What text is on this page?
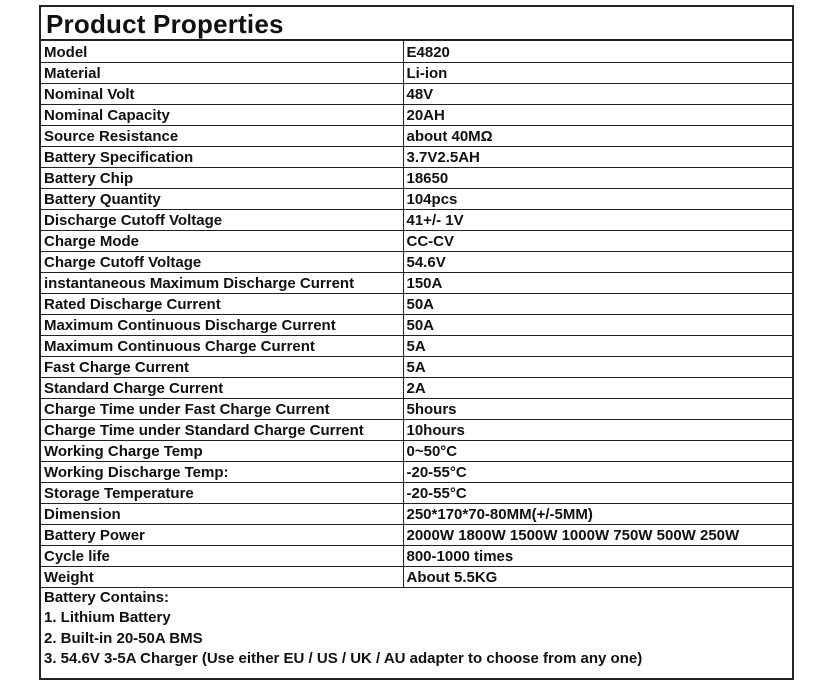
Product Properties
Model	E4820
Material	Li-ion
Nominal Volt	48V
Nominal Capacity	20AH
Source Resistance	about 40MΩ
Battery Specification	3.7V2.5AH
Battery Chip	18650
Battery Quantity	104pcs
Discharge Cutoff Voltage	41+/- 1V
Charge Mode	CC-CV
Charge Cutoff Voltage	54.6V
instantaneous Maximum Discharge Current	150A
Rated Discharge Current	50A
Maximum Continuous Discharge Current	50A
Maximum Continuous Charge Current	5A
Fast Charge Current	5A
Standard Charge Current	2A
Charge Time under Fast Charge Current	5hours
Charge Time under Standard Charge Current	10hours
Working Charge Temp	0~50°C
Working Discharge Temp:	-20-55°C
Storage Temperature	-20-55°C
Dimension	250*170*70-80MM(+/-5MM)
Battery Power	2000W 1800W 1500W 1000W 750W 500W 250W
Cycle life	800-1000 times
Weight	About 5.5KG
Battery Contains:
1. Lithium Battery
2. Built-in 20-50A BMS
3. 54.6V 3-5A Charger (Use either EU / US / UK / AU adapter to choose from any one)
